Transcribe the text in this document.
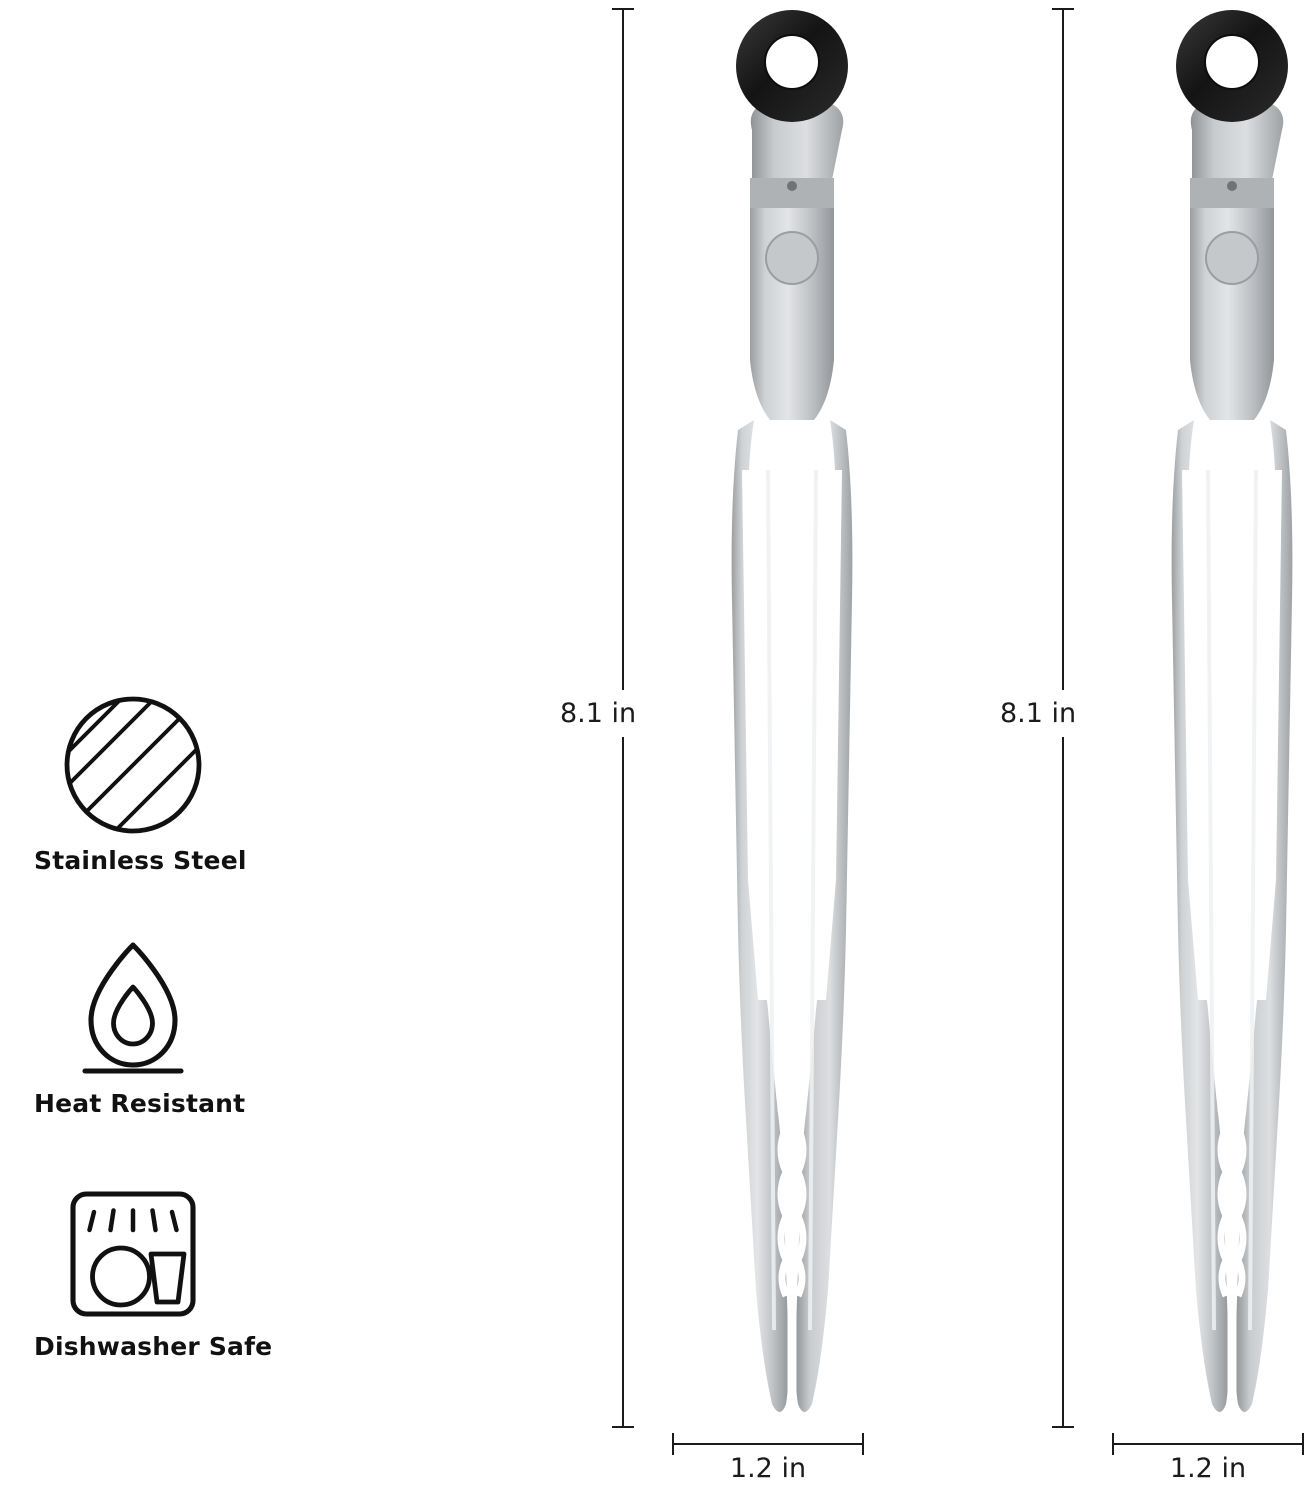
Stainless Steel
Heat Resistant
Dishwasher Safe
8.1 in
1.2 in
8.1 in
1.2 in
